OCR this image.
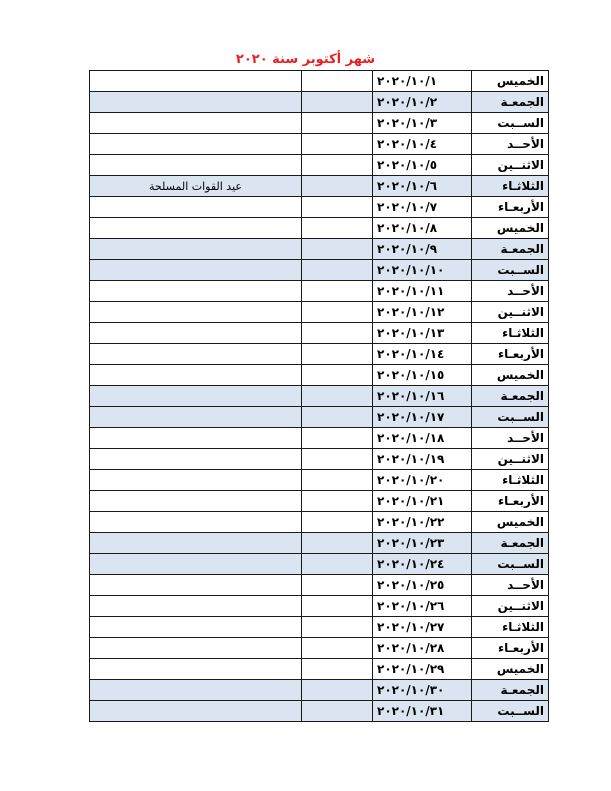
شهر أكتوبر سنة ٢٠٢٠
الخميس	٢٠٢٠/١٠/١		
الجمعـة	٢٠٢٠/١٠/٢		
الســبت	٢٠٢٠/١٠/٣		
الأحــد	٢٠٢٠/١٠/٤		
الاثنــين	٢٠٢٠/١٠/٥		
الثلاثـاء	٢٠٢٠/١٠/٦		عيد القوات المسلحة
الأربعـاء	٢٠٢٠/١٠/٧		
الخميس	٢٠٢٠/١٠/٨		
الجمعـة	٢٠٢٠/١٠/٩		
الســبت	٢٠٢٠/١٠/١٠		
الأحــد	٢٠٢٠/١٠/١١		
الاثنــين	٢٠٢٠/١٠/١٢		
الثلاثـاء	٢٠٢٠/١٠/١٣		
الأربعـاء	٢٠٢٠/١٠/١٤		
الخميس	٢٠٢٠/١٠/١٥		
الجمعـة	٢٠٢٠/١٠/١٦		
الســبت	٢٠٢٠/١٠/١٧		
الأحــد	٢٠٢٠/١٠/١٨		
الاثنــين	٢٠٢٠/١٠/١٩		
الثلاثـاء	٢٠٢٠/١٠/٢٠		
الأربعـاء	٢٠٢٠/١٠/٢١		
الخميس	٢٠٢٠/١٠/٢٢		
الجمعـة	٢٠٢٠/١٠/٢٣		
الســبت	٢٠٢٠/١٠/٢٤		
الأحــد	٢٠٢٠/١٠/٢٥		
الاثنــين	٢٠٢٠/١٠/٢٦		
الثلاثـاء	٢٠٢٠/١٠/٢٧		
الأربعـاء	٢٠٢٠/١٠/٢٨		
الخميس	٢٠٢٠/١٠/٢٩		
الجمعـة	٢٠٢٠/١٠/٣٠		
الســبت	٢٠٢٠/١٠/٣١		
